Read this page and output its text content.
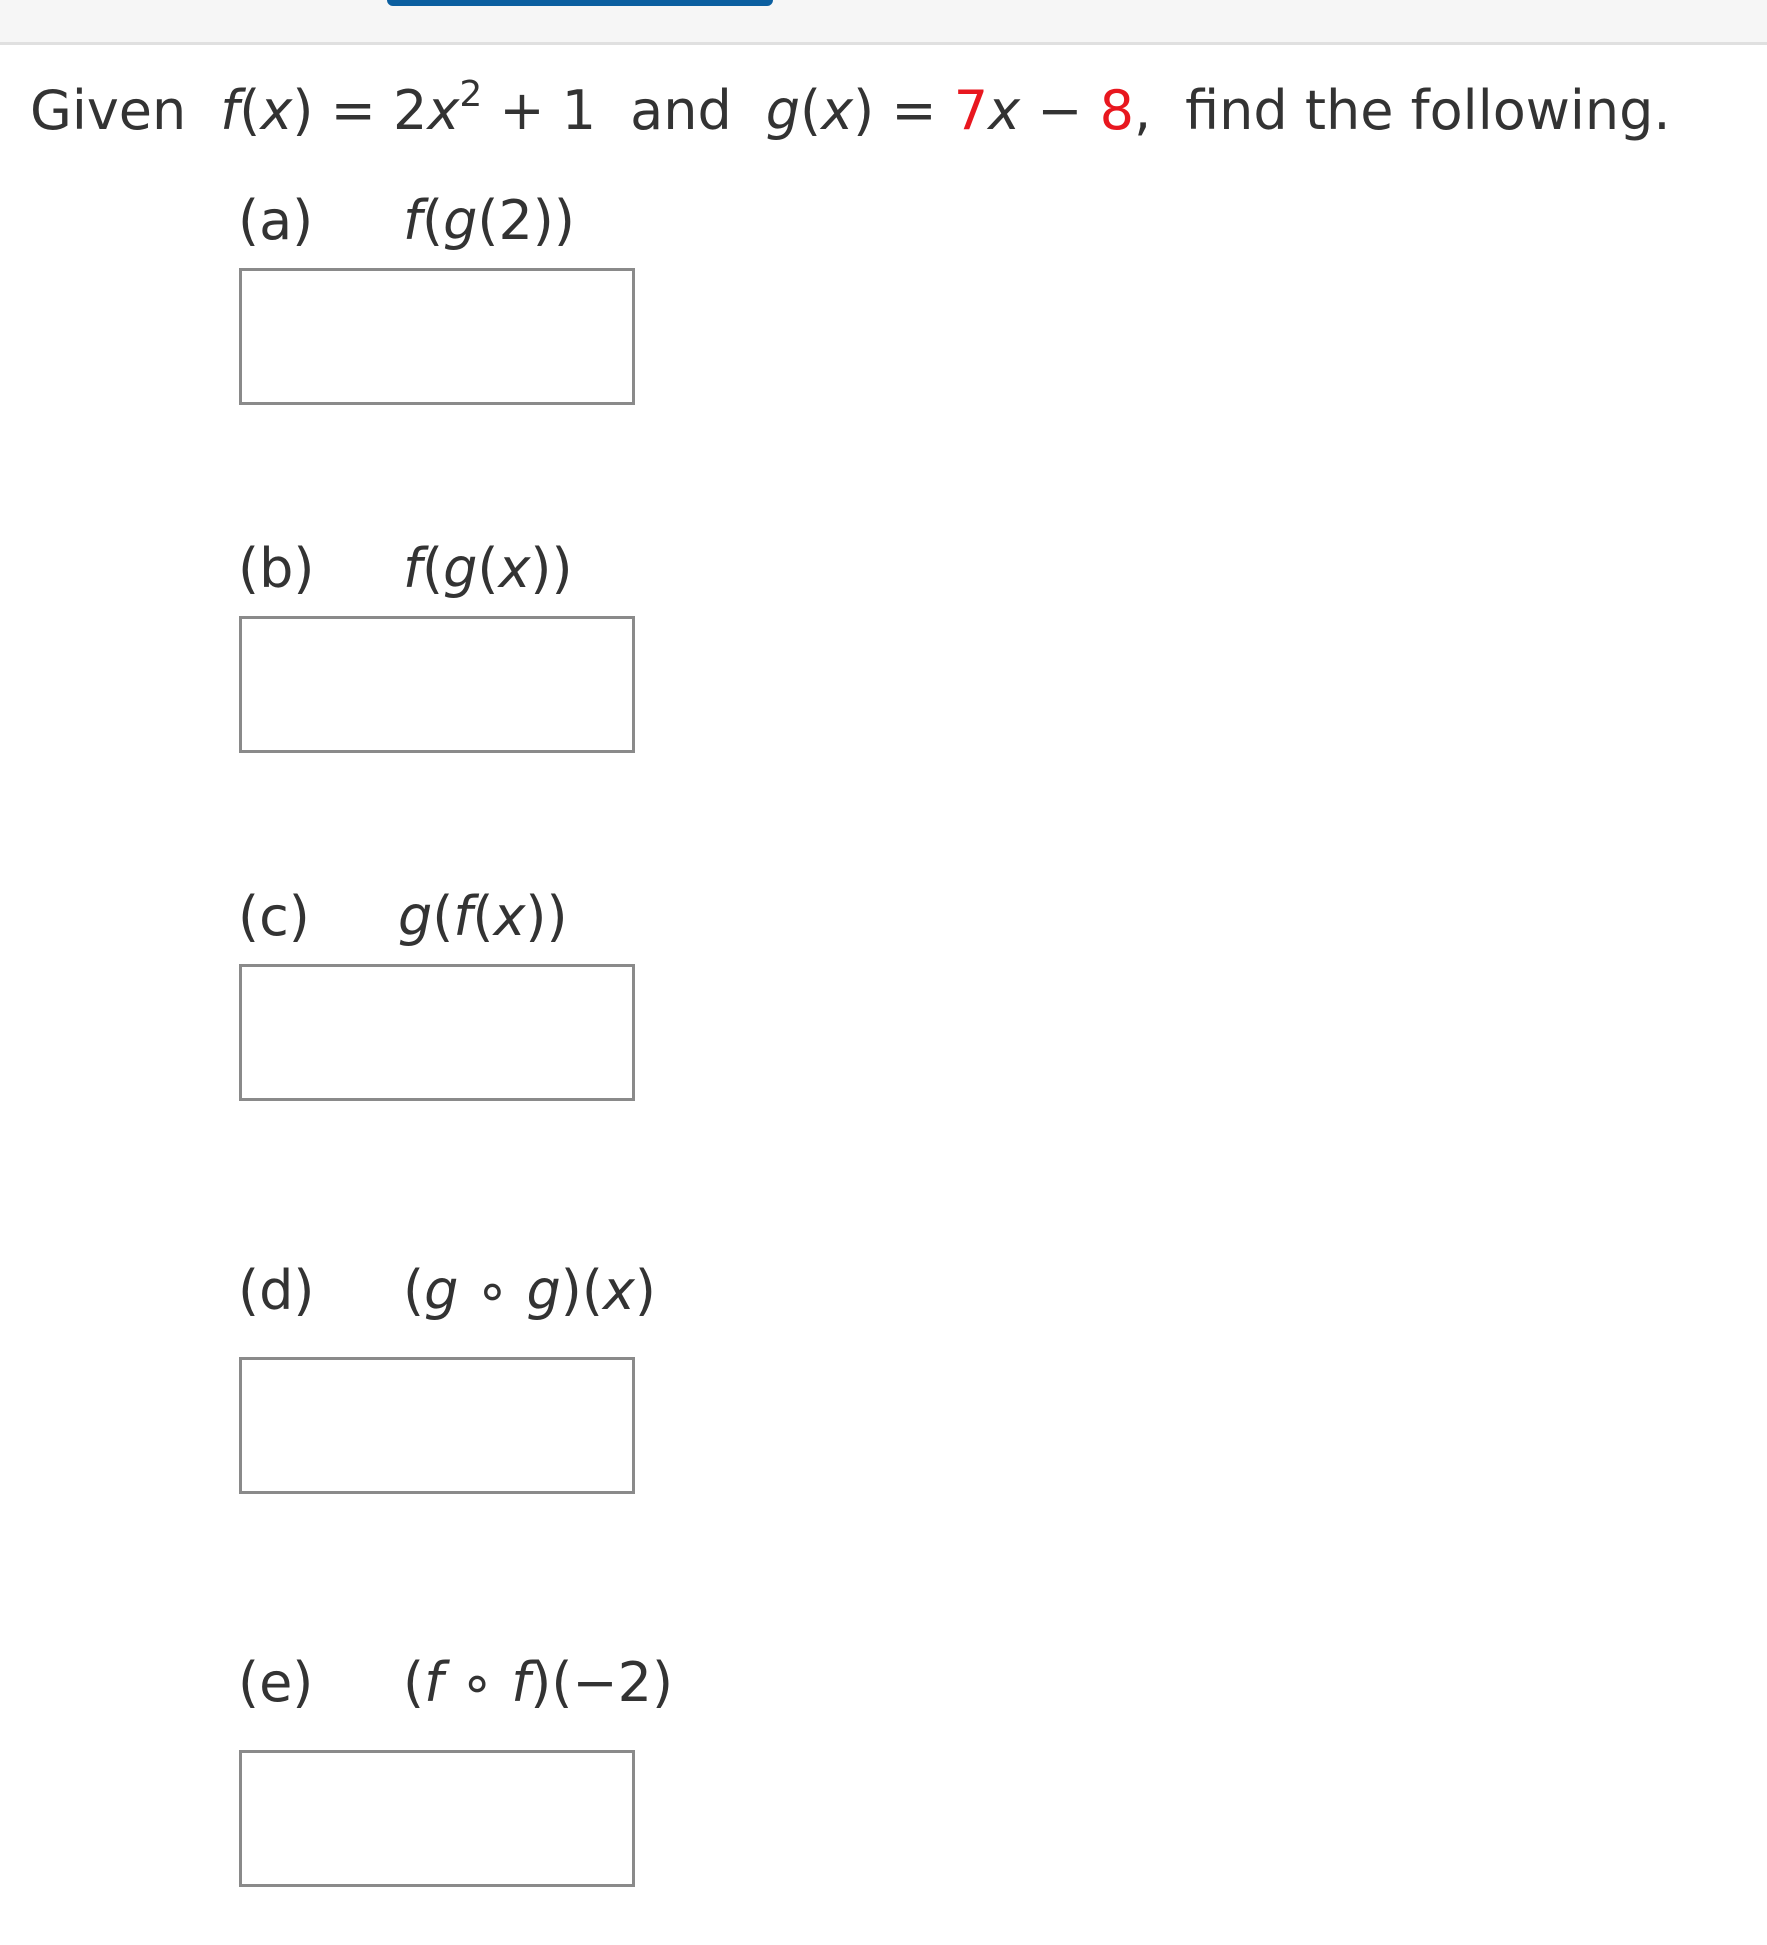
Given $f(x) = 2x^2 + 1$ and g(x) = 7x − 8, find the following.
(a) f(g(2))
(b) f(g(x))
(c) g(f(x))
(d) (g ∘ g)(x)
(e) (f ∘ f)(−2)
